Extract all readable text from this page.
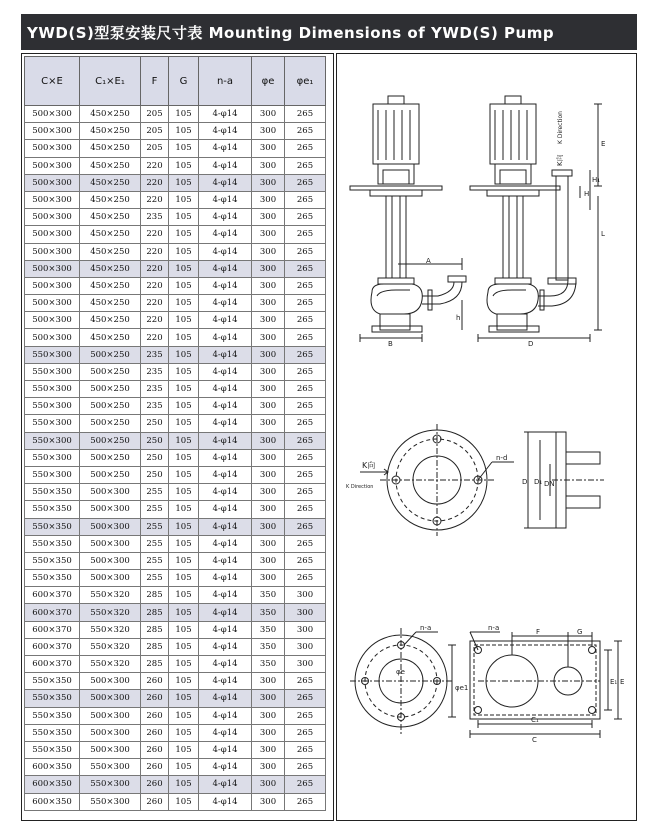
YWD(S)型泵安装尺寸表 Mounting Dimensions of YWD(S) Pump
C×E	C₁×E₁	F	G	n-a	φe	φe₁
500×300	450×250	205	105	4-φ14	300	265
500×300	450×250	205	105	4-φ14	300	265
500×300	450×250	205	105	4-φ14	300	265
500×300	450×250	220	105	4-φ14	300	265
500×300	450×250	220	105	4-φ14	300	265
500×300	450×250	220	105	4-φ14	300	265
500×300	450×250	235	105	4-φ14	300	265
500×300	450×250	220	105	4-φ14	300	265
500×300	450×250	220	105	4-φ14	300	265
500×300	450×250	220	105	4-φ14	300	265
500×300	450×250	220	105	4-φ14	300	265
500×300	450×250	220	105	4-φ14	300	265
500×300	450×250	220	105	4-φ14	300	265
500×300	450×250	220	105	4-φ14	300	265
550×300	500×250	235	105	4-φ14	300	265
550×300	500×250	235	105	4-φ14	300	265
550×300	500×250	235	105	4-φ14	300	265
550×300	500×250	235	105	4-φ14	300	265
550×300	500×250	250	105	4-φ14	300	265
550×300	500×250	250	105	4-φ14	300	265
550×300	500×250	250	105	4-φ14	300	265
550×300	500×250	250	105	4-φ14	300	265
550×350	500×300	255	105	4-φ14	300	265
550×350	500×300	255	105	4-φ14	300	265
550×350	500×300	255	105	4-φ14	300	265
550×350	500×300	255	105	4-φ14	300	265
550×350	500×300	255	105	4-φ14	300	265
550×350	500×300	255	105	4-φ14	300	265
600×370	550×320	285	105	4-φ14	350	300
600×370	550×320	285	105	4-φ14	350	300
600×370	550×320	285	105	4-φ14	350	300
600×370	550×320	285	105	4-φ14	350	300
600×370	550×320	285	105	4-φ14	350	300
550×350	500×300	260	105	4-φ14	300	265
550×350	500×300	260	105	4-φ14	300	265
550×350	500×300	260	105	4-φ14	300	265
550×350	500×300	260	105	4-φ14	300	265
550×350	500×300	260	105	4-φ14	300	265
600×350	550×300	260	105	4-φ14	300	265
600×350	550×300	260	105	4-φ14	300	265
600×350	550×300	260	105	4-φ14	300	265
A
B	D
h
L
E
H
H₁
K向
K Direction
n-d
D D₁ DN
n-a
φe
φe1
n-a	F	G
C₁
C
E₁ E
K向
K Direction
